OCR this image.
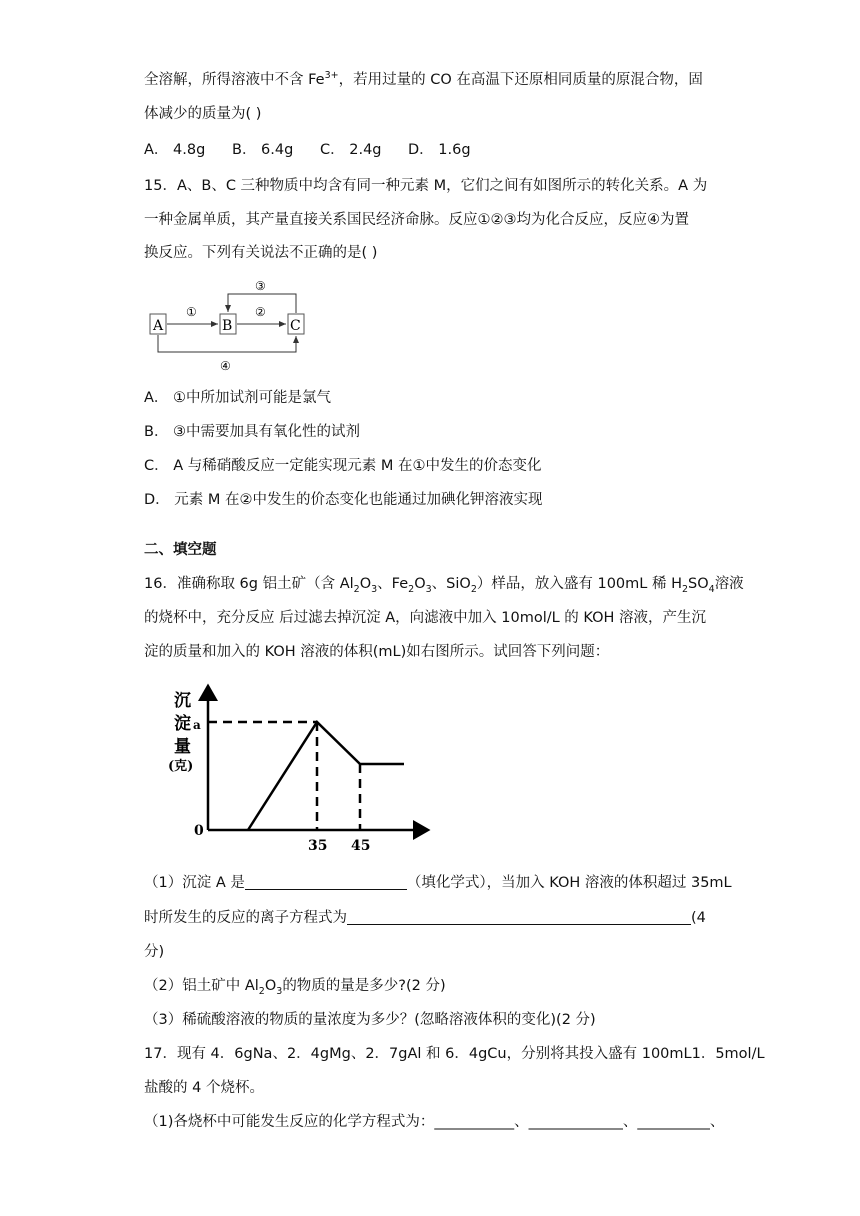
全溶解，所得溶液中不含 $Fe^{3+}$，若用过量的 CO 在高温下还原相同质量的原混合物，固
体减少的质量为( )
A． 4.8g B． 6.4g C． 2.4g D． 1.6g
15．A、B、C 三种物质中均含有同一种元素 M，它们之间有如图所示的转化关系。A 为
一种金属单质，其产量直接关系国民经济命脉。反应①②③均为化合反应，反应④为置
换反应。下列有关说法不正确的是( )
A	B	C
①	②
③
④
A． ①中所加试剂可能是氯气
B． ③中需要加具有氧化性的试剂
C． A 与稀硝酸反应一定能实现元素 M 在①中发生的价态变化
D． 元素 M 在②中发生的价态变化也能通过加碘化钾溶液实现
二、填空题
16．准确称取 6g 铝土矿（含 $Al_2O_3$、$Fe_2O_3$、SiO$_2$）样品，放入盛有 100mL 稀 $H_2SO_4$溶液
的烧杯中，充分反应 后过滤去掉沉淀 A，向滤液中加入 10mol/L 的 KOH 溶液，产生沉
淀的质量和加入的 KOH 溶液的体积(mL)如右图所示。试回答下列问题：
沉
淀 a
量
(克)
0
35 45
（1）沉淀 A 是	（填化学式），当加入 KOH 溶液的体积超过 35mL
时所发生的反应的离子方程式为	(4
分)
（2）铝土矿中 $Al_2O_3$的物质的量是多少?(2 分)
（3）稀硫酸溶液的物质的量浓度为多少？(忽略溶液体积的变化)(2 分)
17．现有 4．6gNa、2．4gMg、2．7gAl 和 6．4gCu，分别将其投入盛有 100mL1．5mol/L
盐酸的 4 个烧杯。
（1)各烧杯中可能发生反应的化学方程式为：___________、_____________、__________、
